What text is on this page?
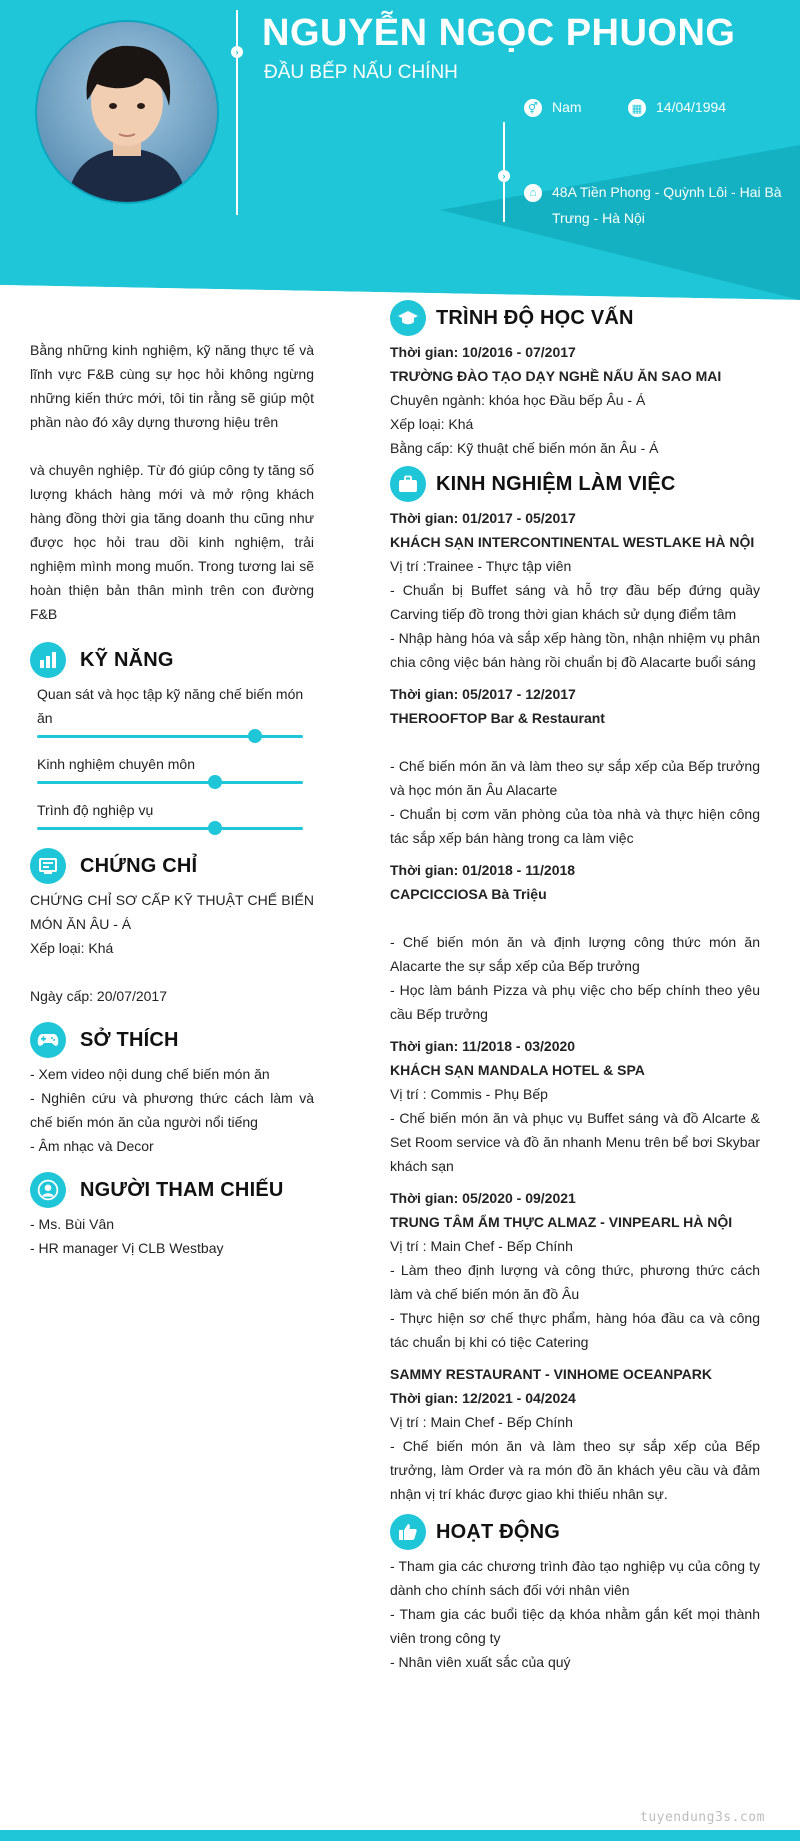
› NGUYỄN NGỌC PHUONG
ĐẦU BẾP NẤU CHÍNH
›
⚥ Nam	▦ 14/04/1994
⌂	48A Tiền Phong - Quỳnh Lôi - Hai Bà
Trưng - Hà Nội
Bằng những kinh nghiệm, kỹ năng thực tế và lĩnh vực F&B cùng sự học hỏi không ngừng những kiến thức mới, tôi tin rằng sẽ giúp một phần nào đó xây dựng thương hiệu trên
và chuyên nghiệp. Từ đó giúp công ty tăng số lượng khách hàng mới và mở rộng khách hàng đồng thời gia tăng doanh thu cũng như được học hỏi trau dồi kinh nghiệm, trải nghiệm mình mong muốn. Trong tương lai sẽ hoàn thiện bản thân mình trên con đường F&B
KỸ NĂNG
Quan sát và học tập kỹ năng chế biến món ăn
Kinh nghiệm chuyên môn
Trình độ nghiệp vụ
CHỨNG CHỈ
CHỨNG CHỈ SƠ CẤP KỸ THUẬT CHẾ BIẾN MÓN ĂN ÂU - Á
Xếp loại: Khá
Ngày cấp: 20/07/2017
SỞ THÍCH
- Xem video nội dung chế biến món ăn
- Nghiên cứu và phương thức cách làm và chế biến món ăn của người nổi tiếng
- Âm nhạc và Decor
NGƯỜI THAM CHIẾU
- Ms. Bùi Vân
- HR manager Vị CLB Westbay
TRÌNH ĐỘ HỌC VẤN
Thời gian: 10/2016 - 07/2017
TRƯỜNG ĐÀO TẠO DẠY NGHỀ NẤU ĂN SAO MAI
Chuyên ngành: khóa học Đầu bếp Âu - Á
Xếp loại: Khá
Bằng cấp: Kỹ thuật chế biến món ăn Âu - Á
KINH NGHIỆM LÀM VIỆC
Thời gian: 01/2017 - 05/2017
KHÁCH SẠN INTERCONTINENTAL WESTLAKE HÀ NỘI
Vị trí :Trainee - Thực tập viên
- Chuẩn bị Buffet sáng và hỗ trợ đầu bếp đứng quầy Carving tiếp đồ trong thời gian khách sử dụng điểm tâm
- Nhập hàng hóa và sắp xếp hàng tồn, nhận nhiệm vụ phân chia công việc bán hàng rồi chuẩn bị đồ Alacarte buổi sáng
Thời gian: 05/2017 - 12/2017
THEROOFTOP Bar & Restaurant
- Chế biến món ăn và làm theo sự sắp xếp của Bếp trưởng và học món ăn Âu Alacarte
- Chuẩn bị cơm văn phòng của tòa nhà và thực hiện công tác sắp xếp bán hàng trong ca làm việc
Thời gian: 01/2018 - 11/2018
CAPCICCIOSA Bà Triệu
- Chế biến món ăn và định lượng công thức món ăn Alacarte the sự sắp xếp của Bếp trưởng
- Học làm bánh Pizza và phụ việc cho bếp chính theo yêu cầu Bếp trưởng
Thời gian: 11/2018 - 03/2020
KHÁCH SẠN MANDALA HOTEL & SPA
Vị trí : Commis - Phụ Bếp
- Chế biến món ăn và phục vụ Buffet sáng và đồ Alcarte & Set Room service và đồ ăn nhanh Menu trên bể bơi Skybar khách sạn
Thời gian: 05/2020 - 09/2021
TRUNG TÂM ẨM THỰC ALMAZ - VINPEARL HÀ NỘI
Vị trí : Main Chef - Bếp Chính
- Làm theo định lượng và công thức, phương thức cách làm và chế biến món ăn đồ Âu
- Thực hiện sơ chế thực phẩm, hàng hóa đầu ca và công tác chuẩn bị khi có tiệc Catering
SAMMY RESTAURANT - VINHOME OCEANPARK
Thời gian: 12/2021 - 04/2024
Vị trí : Main Chef - Bếp Chính
- Chế biến món ăn và làm theo sự sắp xếp của Bếp trưởng, làm Order và ra món đồ ăn khách yêu cầu và đảm nhận vị trí khác được giao khi thiếu nhân sự.
HOẠT ĐỘNG
- Tham gia các chương trình đào tạo nghiệp vụ của công ty dành cho chính sách đối với nhân viên
- Tham gia các buổi tiệc dạ khóa nhằm gắn kết mọi thành viên trong công ty
- Nhân viên xuất sắc của quý
tuyendung3s.com
